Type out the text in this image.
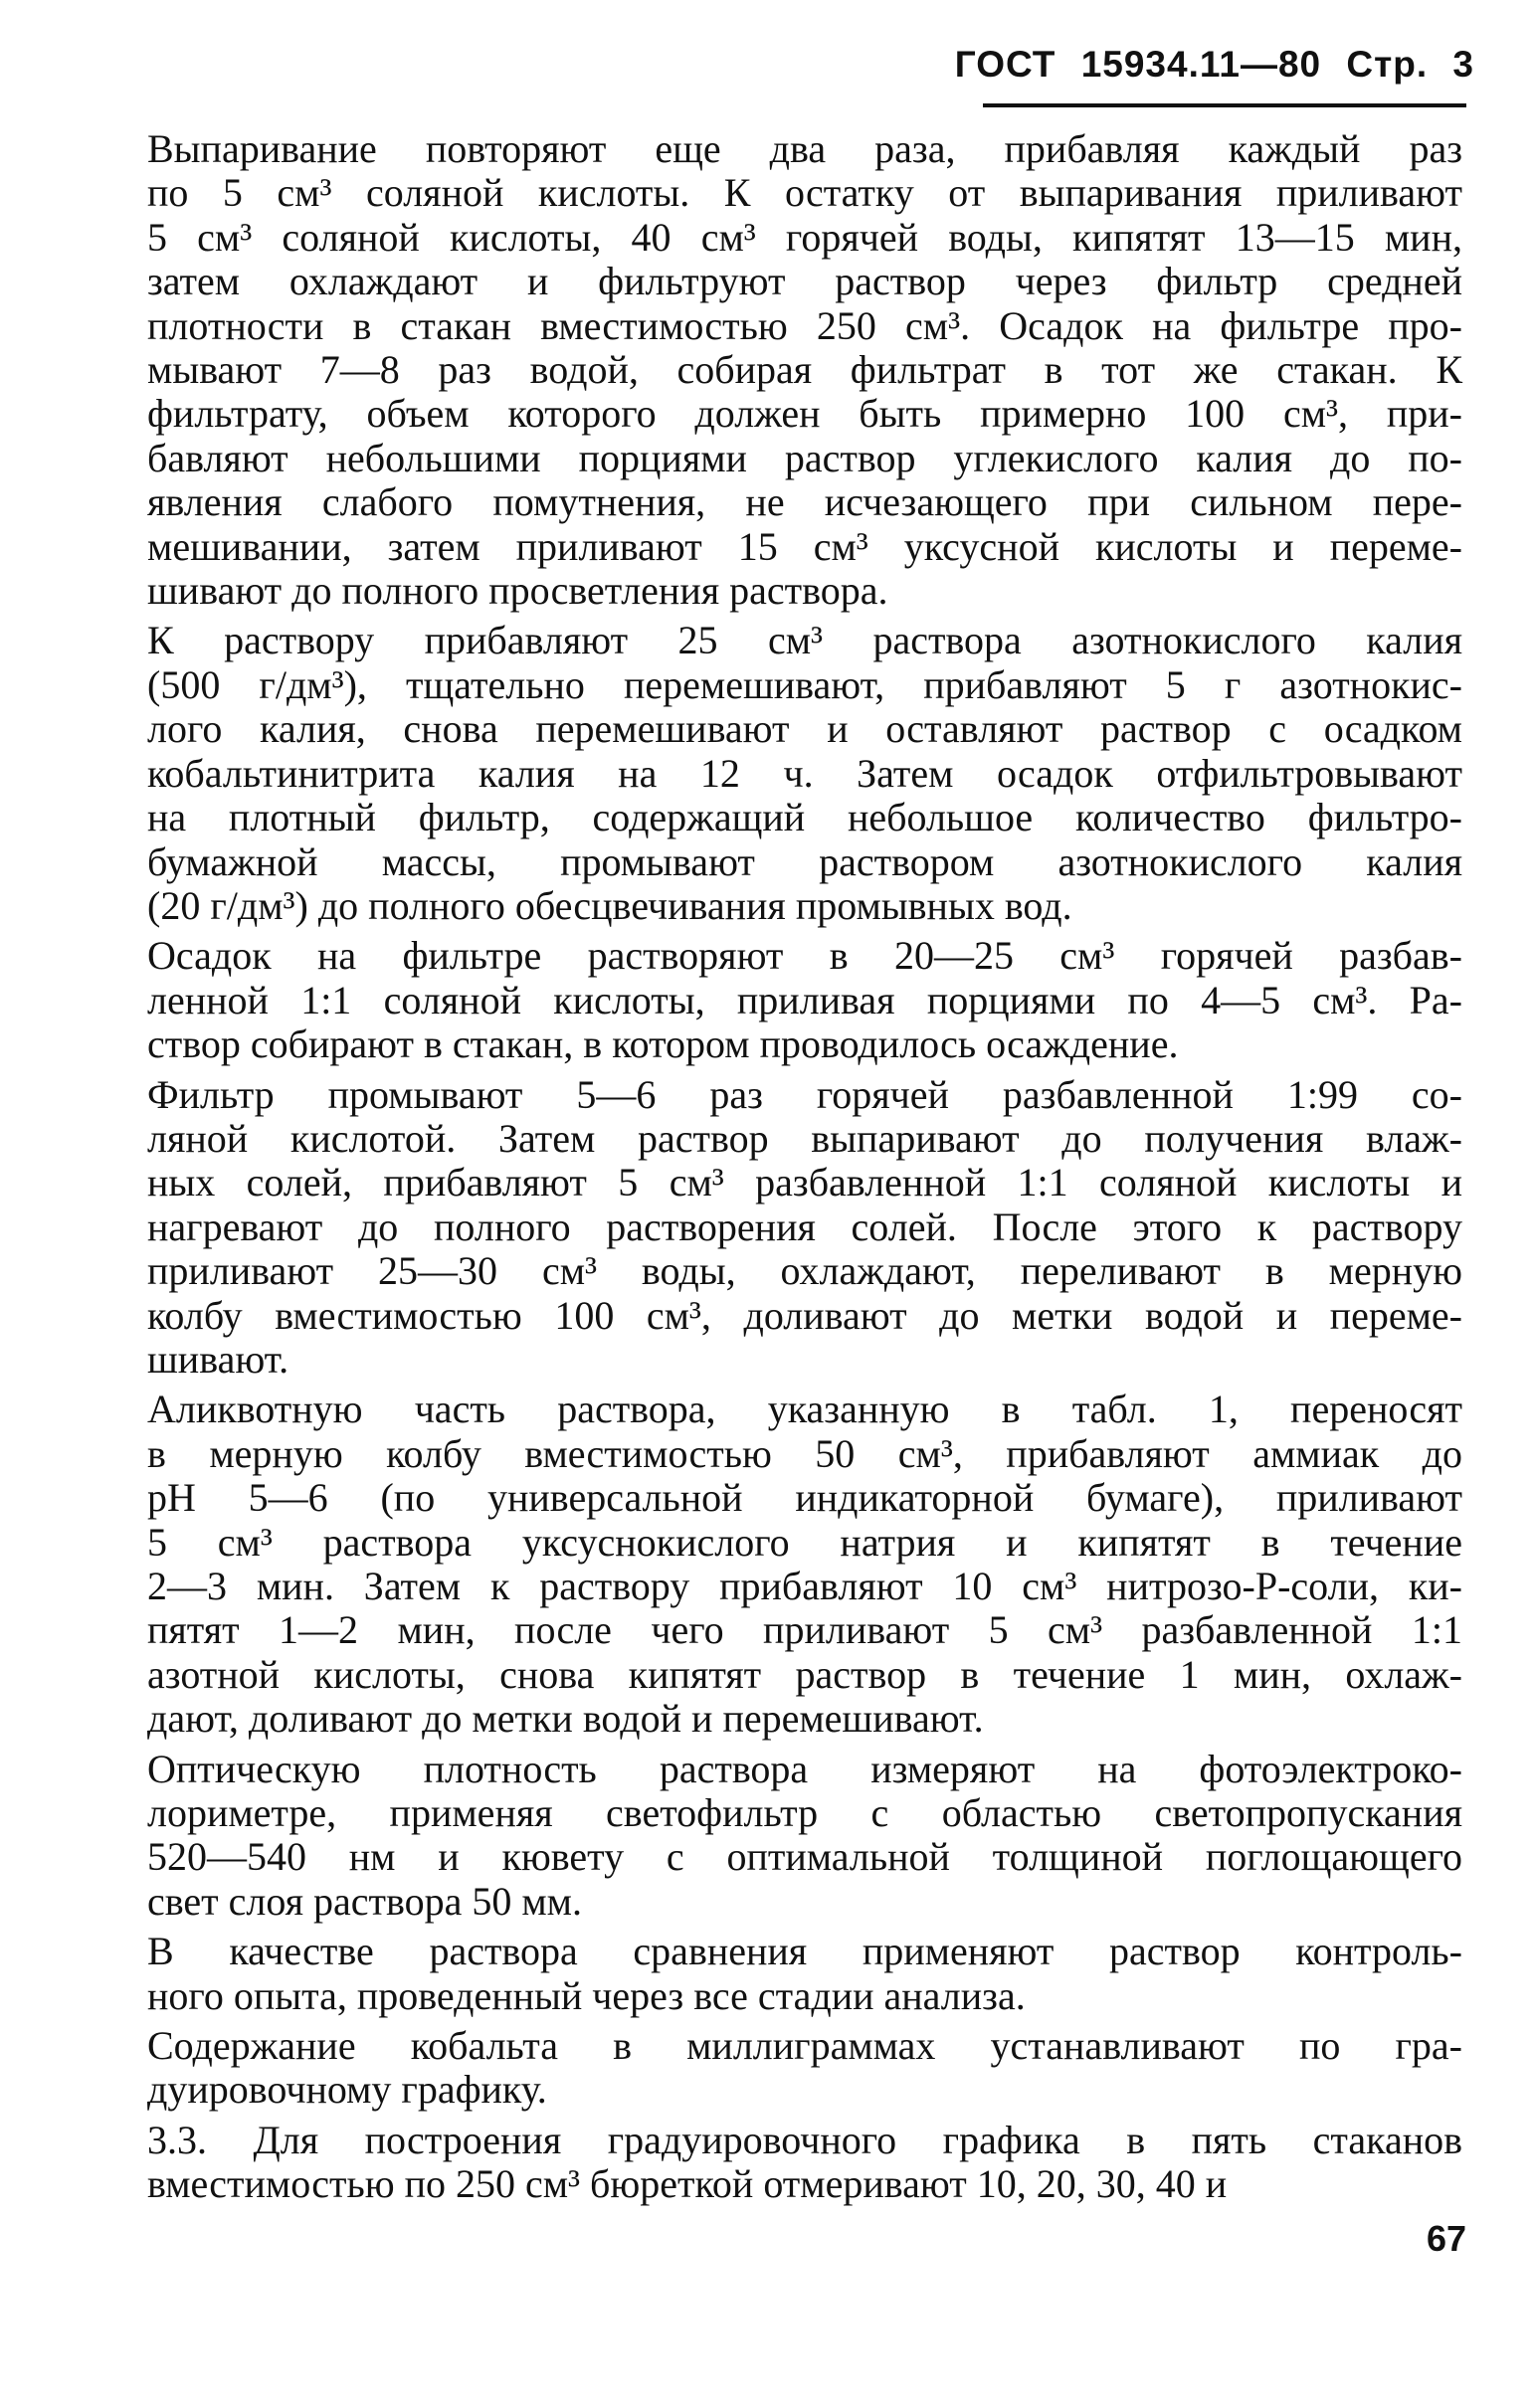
ГОСТ 15934.11—80 Стр. 3

Выпаривание повторяют еще два раза, прибавляя каждый раз
по 5 см³ соляной кислоты. К остатку от выпаривания приливают
5 см³ соляной кислоты, 40 см³ горячей воды, кипятят 13—15 мин,
затем охлаждают и фильтруют раствор через фильтр средней
плотности в стакан вместимостью 250 см³. Осадок на фильтре про-
мывают 7—8 раз водой, собирая фильтрат в тот же стакан. К
фильтрату, объем которого должен быть примерно 100 см³, при-
бавляют небольшими порциями раствор углекислого калия до по-
явления слабого помутнения, не исчезающего при сильном пере-
мешивании, затем приливают 15 см³ уксусной кислоты и переме-
шивают до полного просветления раствора.

К раствору прибавляют 25 см³ раствора азотнокислого калия
(500 г/дм³), тщательно перемешивают, прибавляют 5 г азотнокис-
лого калия, снова перемешивают и оставляют раствор с осадком
кобальтинитрита калия на 12 ч. Затем осадок отфильтровывают
на плотный фильтр, содержащий небольшое количество фильтро-
бумажной массы, промывают раствором азотнокислого калия
(20 г/дм³) до полного обесцвечивания промывных вод.

Осадок на фильтре растворяют в 20—25 см³ горячей разбав-
ленной 1:1 соляной кислоты, приливая порциями по 4—5 см³. Ра-
створ собирают в стакан, в котором проводилось осаждение.

Фильтр промывают 5—6 раз горячей разбавленной 1:99 со-
ляной кислотой. Затем раствор выпаривают до получения влаж-
ных солей, прибавляют 5 см³ разбавленной 1:1 соляной кислоты и
нагревают до полного растворения солей. После этого к раствору
приливают 25—30 см³ воды, охлаждают, переливают в мерную
колбу вместимостью 100 см³, доливают до метки водой и переме-
шивают.

Аликвотную часть раствора, указанную в табл. 1, переносят
в мерную колбу вместимостью 50 см³, прибавляют аммиак до
pH 5—6 (по универсальной индикаторной бумаге), приливают
5 см³ раствора уксуснокислого натрия и кипятят в течение
2—3 мин. Затем к раствору прибавляют 10 см³ нитрозо-Р-соли, ки-
пятят 1—2 мин, после чего приливают 5 см³ разбавленной 1:1
азотной кислоты, снова кипятят раствор в течение 1 мин, охлаж-
дают, доливают до метки водой и перемешивают.

Оптическую плотность раствора измеряют на фотоэлектроко-
лориметре, применяя светофильтр с областью светопропускания
520—540 нм и кювету с оптимальной толщиной поглощающего
свет слоя раствора 50 мм.

В качестве раствора сравнения применяют раствор контроль-
ного опыта, проведенный через все стадии анализа.

Содержание кобальта в миллиграммах устанавливают по гра-
дуировочному графику.

3.3. Для построения градуировочного графика в пять стаканов
вместимостью по 250 см³ бюреткой отмеривают 10, 20, 30, 40 и

67
